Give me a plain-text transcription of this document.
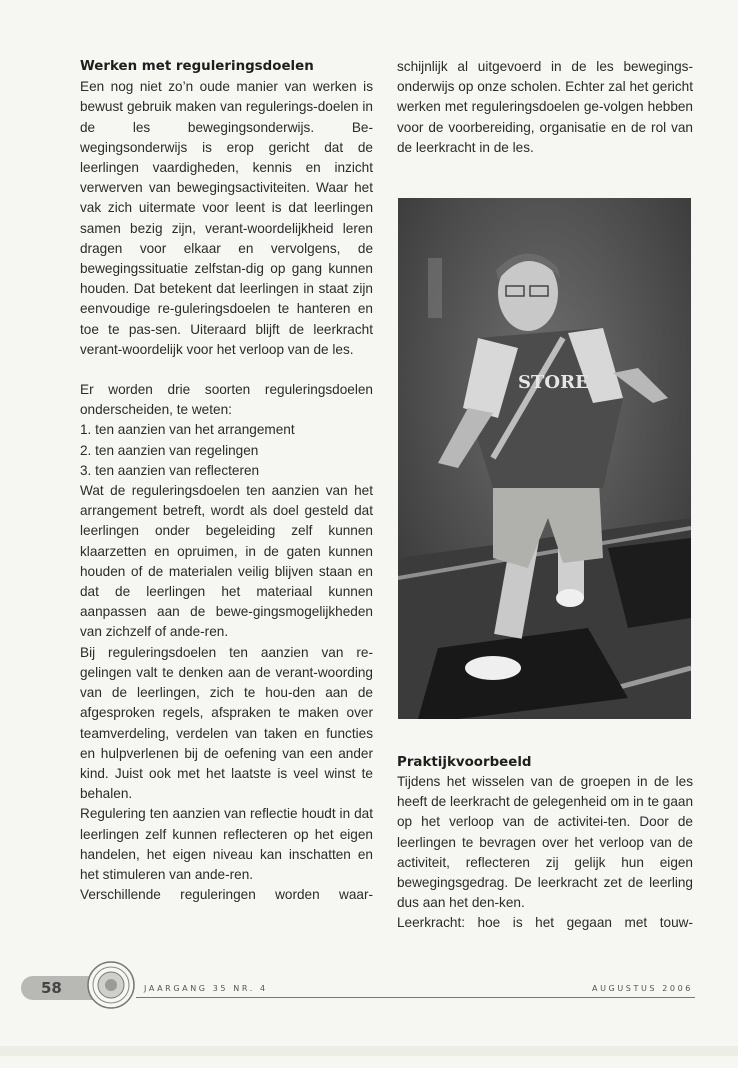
Werken met reguleringsdoelen

Een nog niet zo’n oude manier van werken is bewust gebruik maken van regulerings-doelen in de les bewegingsonderwijs. Be-wegingsonderwijs is erop gericht dat de leerlingen vaardigheden, kennis en inzicht verwerven van bewegingsactiviteiten. Waar het vak zich uitermate voor leent is dat leerlingen samen bezig zijn, verant-woordelijkheid leren dragen voor elkaar en vervolgens, de bewegingssituatie zelfstan-dig op gang kunnen houden. Dat betekent dat leerlingen in staat zijn eenvoudige re-guleringsdoelen te hanteren en toe te pas-sen. Uiteraard blijft de leerkracht verant-woordelijk voor het verloop van de les.

Er worden drie soorten reguleringsdoelen onderscheiden, te weten:

1. ten aanzien van het arrangement
2. ten aanzien van regelingen
3. ten aanzien van reflecteren

Wat de reguleringsdoelen ten aanzien van het arrangement betreft, wordt als doel gesteld dat leerlingen onder begeleiding zelf kunnen klaarzetten en opruimen, in de gaten kunnen houden of de materialen veilig blijven staan en dat de leerlingen het materiaal kunnen aanpassen aan de bewe-gingsmogelijkheden van zichzelf of ande-ren.

Bij reguleringsdoelen ten aanzien van re-gelingen valt te denken aan de verant-woording van de leerlingen, zich te hou-den aan de afgesproken regels, afspraken te maken over teamverdeling, verdelen van taken en functies en hulpverlenen bij de oefening van een ander kind. Juist ook met het laatste is veel winst te behalen.

Regulering ten aanzien van reflectie houdt in dat leerlingen zelf kunnen reflecteren op het eigen handelen, het eigen niveau kan inschatten en het stimuleren van ande-ren.

Verschillende reguleringen worden waar-

schijnlijk al uitgevoerd in de les bewegings-onderwijs op onze scholen. Echter zal het gericht werken met reguleringsdoelen ge-volgen hebben voor de voorbereiding, organisatie en de rol van de leerkracht in de les.

STORE
Praktijkvoorbeeld

Tijdens het wisselen van de groepen in de les heeft de leerkracht de gelegenheid om in te gaan op het verloop van de activitei-ten. Door de leerlingen te bevragen over het verloop van de activiteit, reflecteren zij gelijk hun eigen bewegingsgedrag. De leerkracht zet de leerling dus aan het den-ken.

Leerkracht: hoe is het gegaan met touw-

58	JAARGANG 35 NR. 4	AUGUSTUS 2006
